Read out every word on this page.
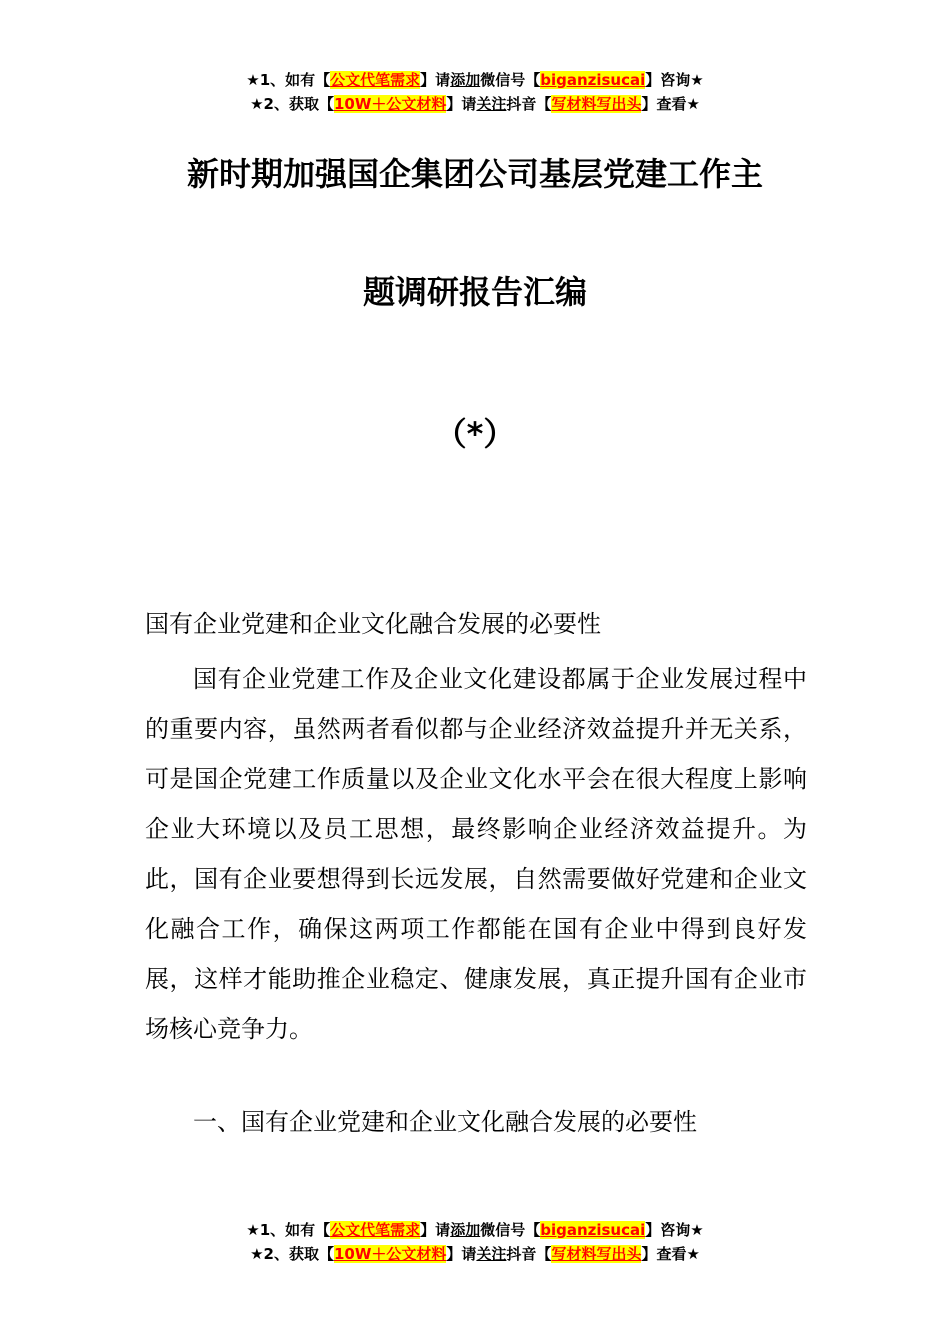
★1、如有【公文代笔需求】请添加微信号【biganzisucai】咨询★
★2、获取【10W＋公文材料】请关注抖音【写材料写出头】查看★
新时期加强国企集团公司基层党建工作主
题调研报告汇编
（*）
国有企业党建和企业文化融合发展的必要性
国有企业党建工作及企业文化建设都属于企业发展过程中的重要内容，虽然两者看似都与企业经济效益提升并无关系，可是国企党建工作质量以及企业文化水平会在很大程度上影响企业大环境以及员工思想，最终影响企业经济效益提升。为此，国有企业要想得到长远发展，自然需要做好党建和企业文化融合工作，确保这两项工作都能在国有企业中得到良好发展，这样才能助推企业稳定、健康发展，真正提升国有企业市场核心竞争力。
一、国有企业党建和企业文化融合发展的必要性
★1、如有【公文代笔需求】请添加微信号【biganzisucai】咨询★
★2、获取【10W＋公文材料】请关注抖音【写材料写出头】查看★
